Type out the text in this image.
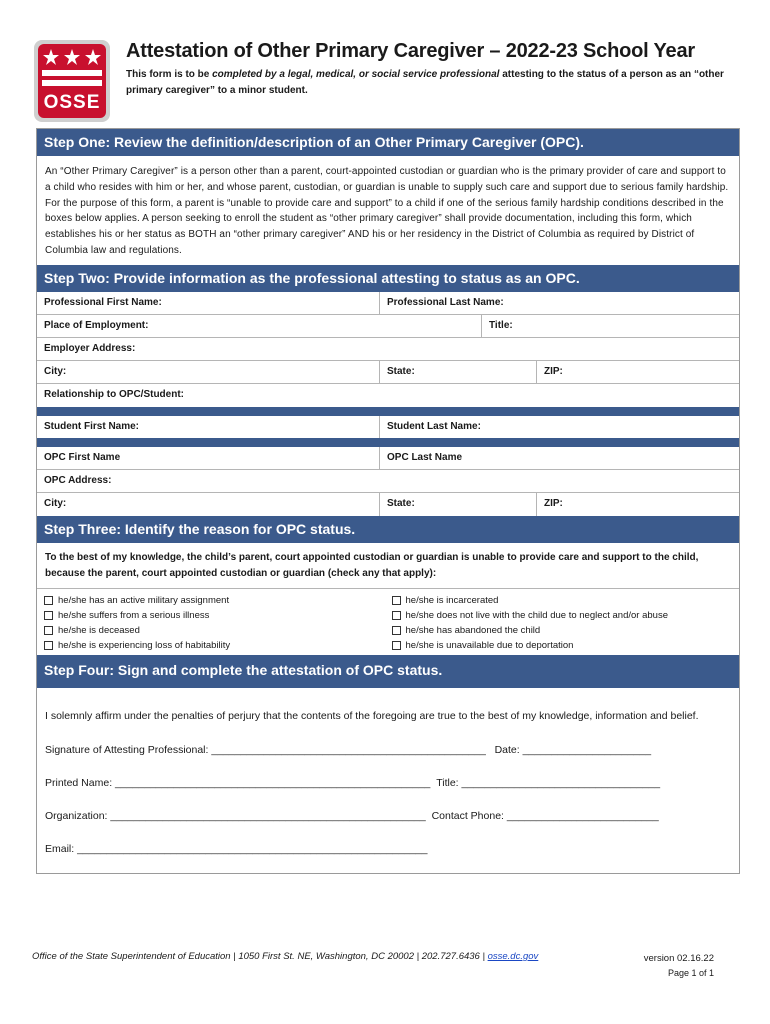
OSSE
Attestation of Other Primary Caregiver – 2022-23 School Year
This form is to be completed by a legal, medical, or social service professional attesting to the status of a person as an “other primary caregiver” to a minor student.
Step One: Review the definition/description of an Other Primary Caregiver (OPC).
An “Other Primary Caregiver” is a person other than a parent, court-appointed custodian or guardian who is the primary provider of care and support to a child who resides with him or her, and whose parent, custodian, or guardian is unable to supply such care and support due to serious family hardship. For the purpose of this form, a parent is “unable to provide care and support” to a child if one of the serious family hardship conditions described in the boxes below applies. A person seeking to enroll the student as “other primary caregiver” shall provide documentation, including this form, which establishes his or her status as BOTH an “other primary caregiver” AND his or her residency in the District of Columbia as required by District of Columbia law and regulations.
Step Two: Provide information as the professional attesting to status as an OPC.
Professional First Name:	Professional Last Name:
Place of Employment:	Title:
Employer Address:
City:	State:	ZIP:
Relationship to OPC/Student:
Student First Name:	Student Last Name:
OPC First Name	OPC Last Name
OPC Address:
City:	State:	ZIP:
Step Three: Identify the reason for OPC status.
To the best of my knowledge, the child’s parent, court appointed custodian or guardian is unable to provide care and support to the child, because the parent, court appointed custodian or guardian (check any that apply):
he/she has an active military assignment
he/she suffers from a serious illness
he/she is deceased
he/she is experiencing loss of habitability
he/she is incarcerated
he/she does not live with the child due to neglect and/or abuse
he/she has abandoned the child
he/she is unavailable due to deportation
Step Four: Sign and complete the attestation of OPC status.
I solemnly affirm under the penalties of perjury that the contents of the foregoing are true to the best of my knowledge, information and belief.
Signature of Attesting Professional: _______________________________________________ Date: ______________________
Printed Name: ______________________________________________________ Title: __________________________________
Organization: ______________________________________________________ Contact Phone: __________________________
Email: ____________________________________________________________
Office of the State Superintendent of Education | 1050 First St. NE, Washington, DC 20002 | 202.727.6436 | osse.dc.gov	version 02.16.22
Page 1 of 1
